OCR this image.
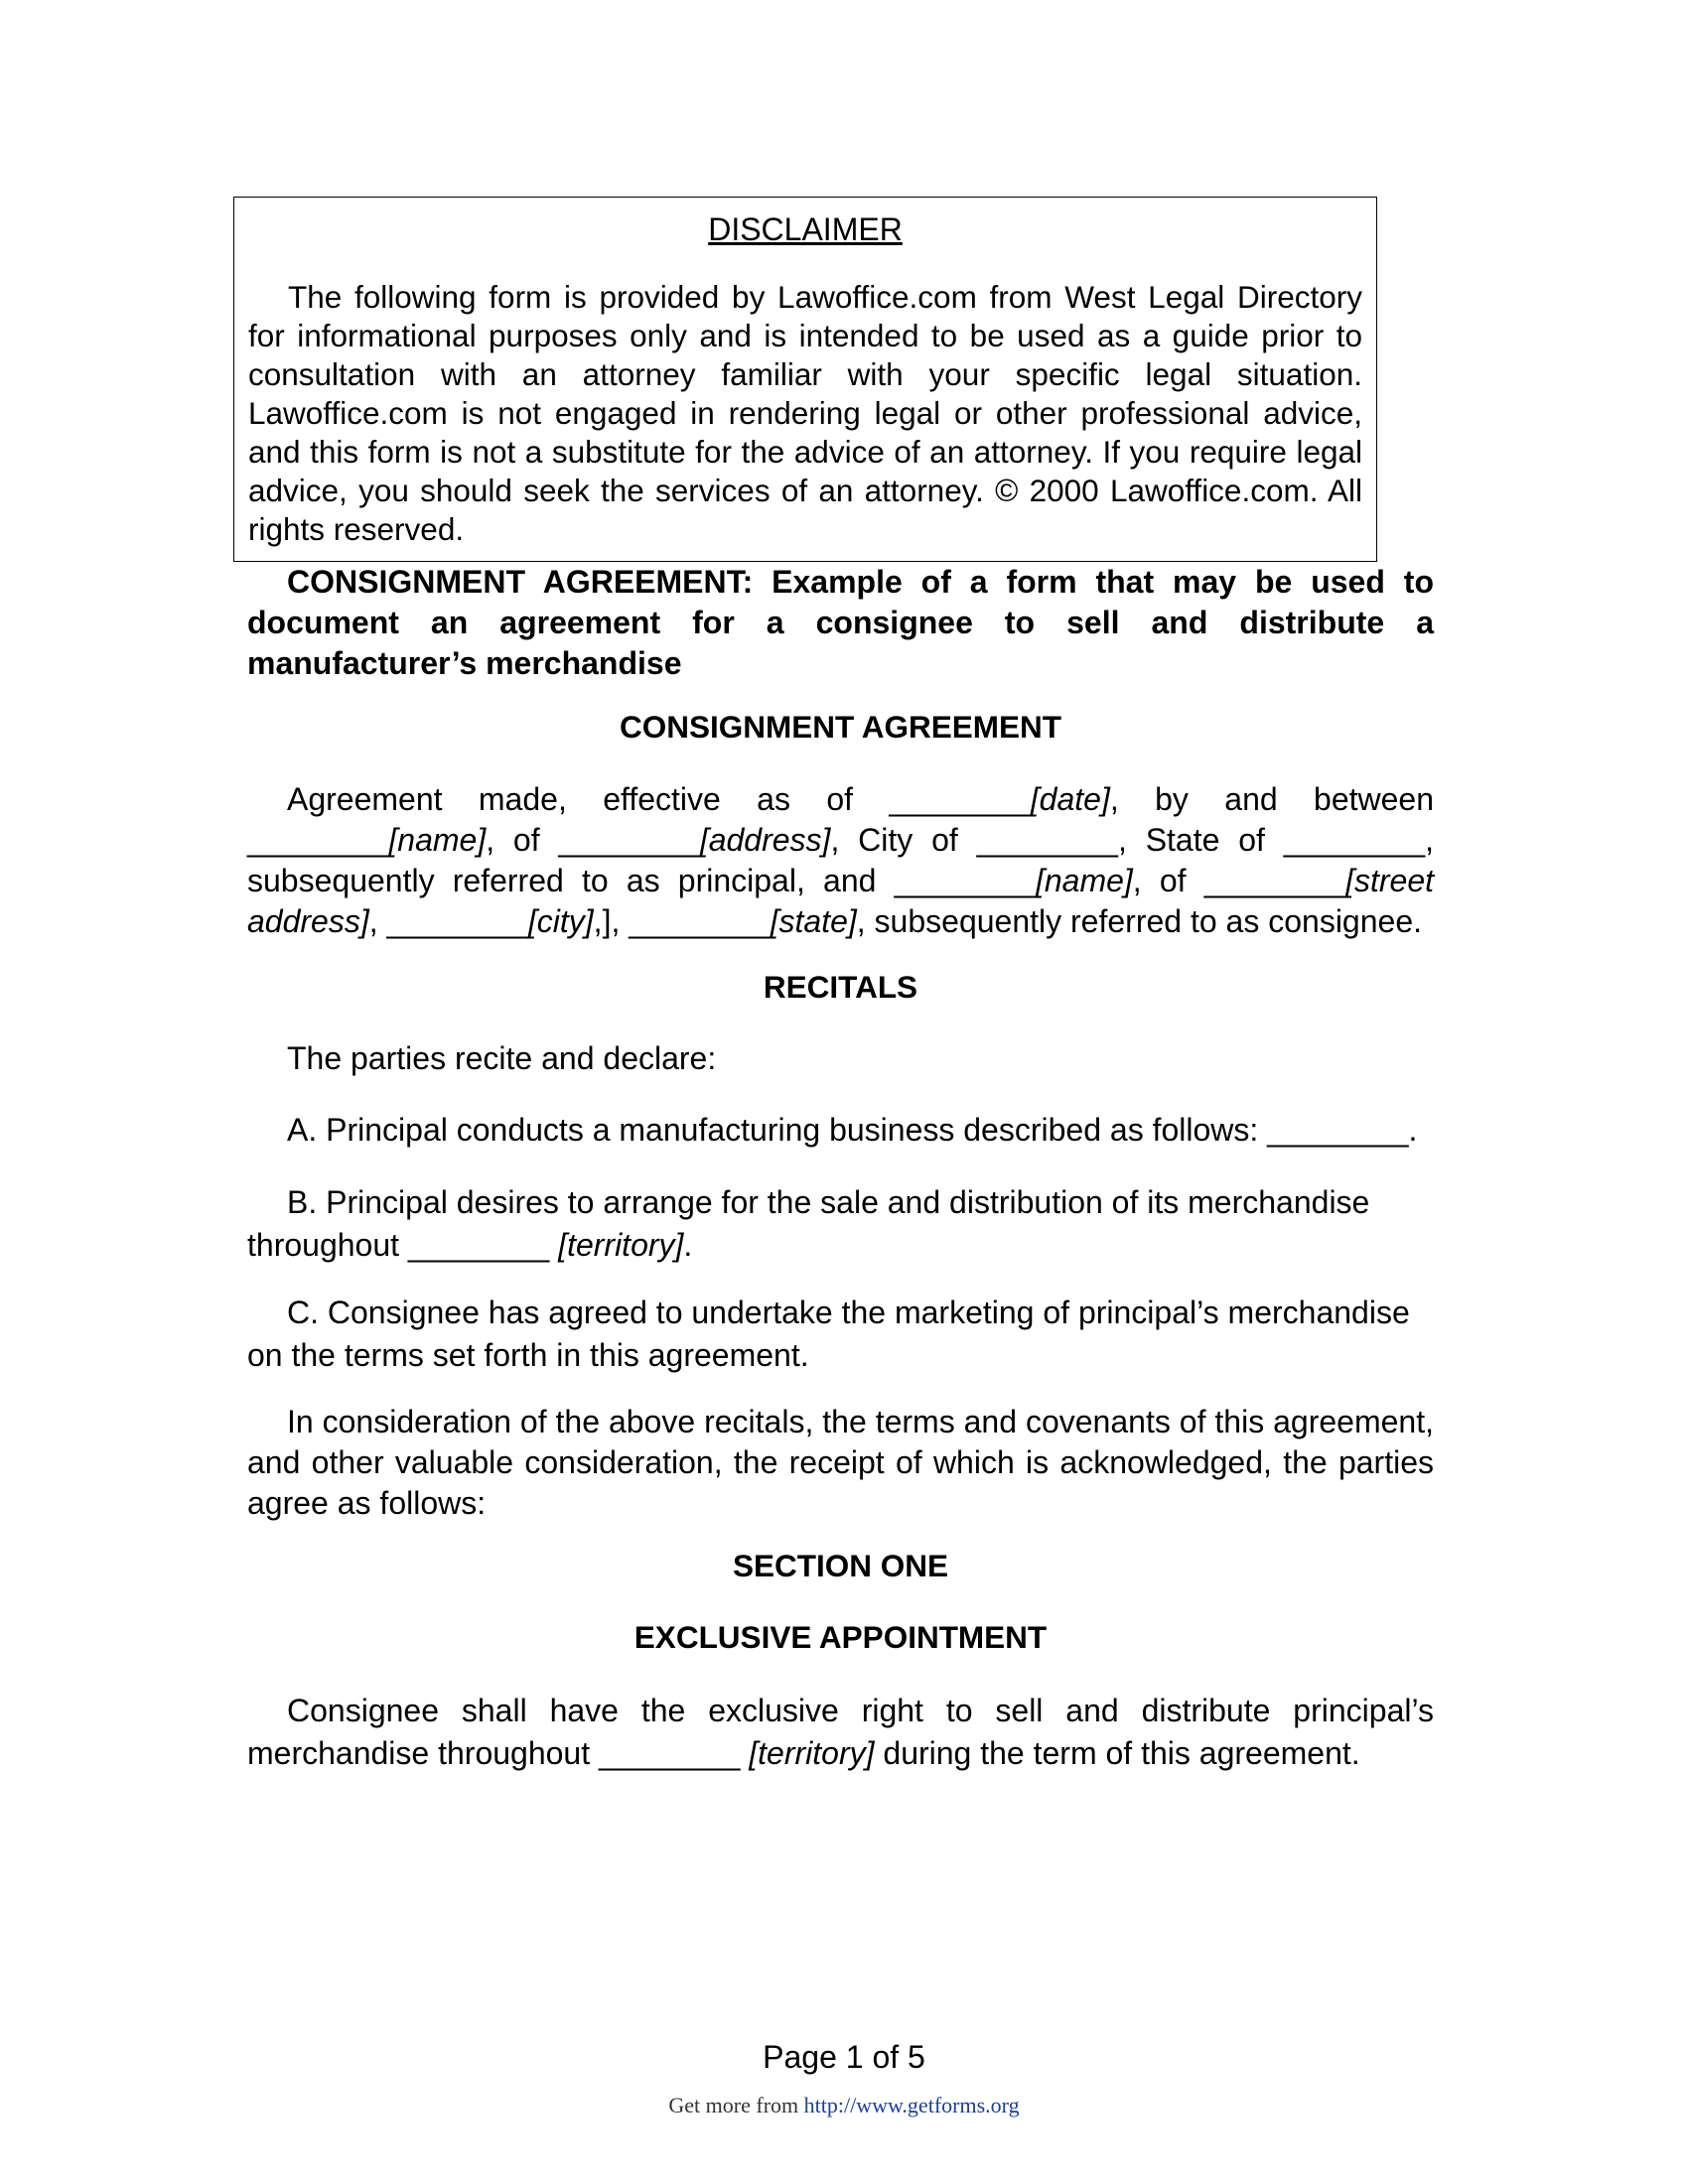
DISCLAIMER
The following form is provided by Lawoffice.com from West Legal Directory for informational purposes only and is intended to be used as a guide prior to consultation with an attorney familiar with your specific legal situation. Lawoffice.com is not engaged in rendering legal or other professional advice, and this form is not a substitute for the advice of an attorney. If you require legal advice, you should seek the services of an attorney. © 2000 Lawoffice.com. All rights reserved.
CONSIGNMENT AGREEMENT: Example of a form that may be used to document an agreement for a consignee to sell and distribute a manufacturer’s merchandise
CONSIGNMENT AGREEMENT
Agreement made, effective as of ________[date], by and between ________[name], of ________[address], City of ________, State of ________, subsequently referred to as principal, and ________[name], of ________[street address], ________[city],], ________[state], subsequently referred to as consignee.
RECITALS
The parties recite and declare:
A. Principal conducts a manufacturing business described as follows: ________.
B. Principal desires to arrange for the sale and distribution of its merchandise throughout ________ [territory].
C. Consignee has agreed to undertake the marketing of principal’s merchandise on the terms set forth in this agreement.
In consideration of the above recitals, the terms and covenants of this agreement, and other valuable consideration, the receipt of which is acknowledged, the parties agree as follows:
SECTION ONE
EXCLUSIVE APPOINTMENT
Consignee shall have the exclusive right to sell and distribute principal’s merchandise throughout ________ [territory] during the term of this agreement.
Page 1 of 5
Get more from http://www.getforms.org
